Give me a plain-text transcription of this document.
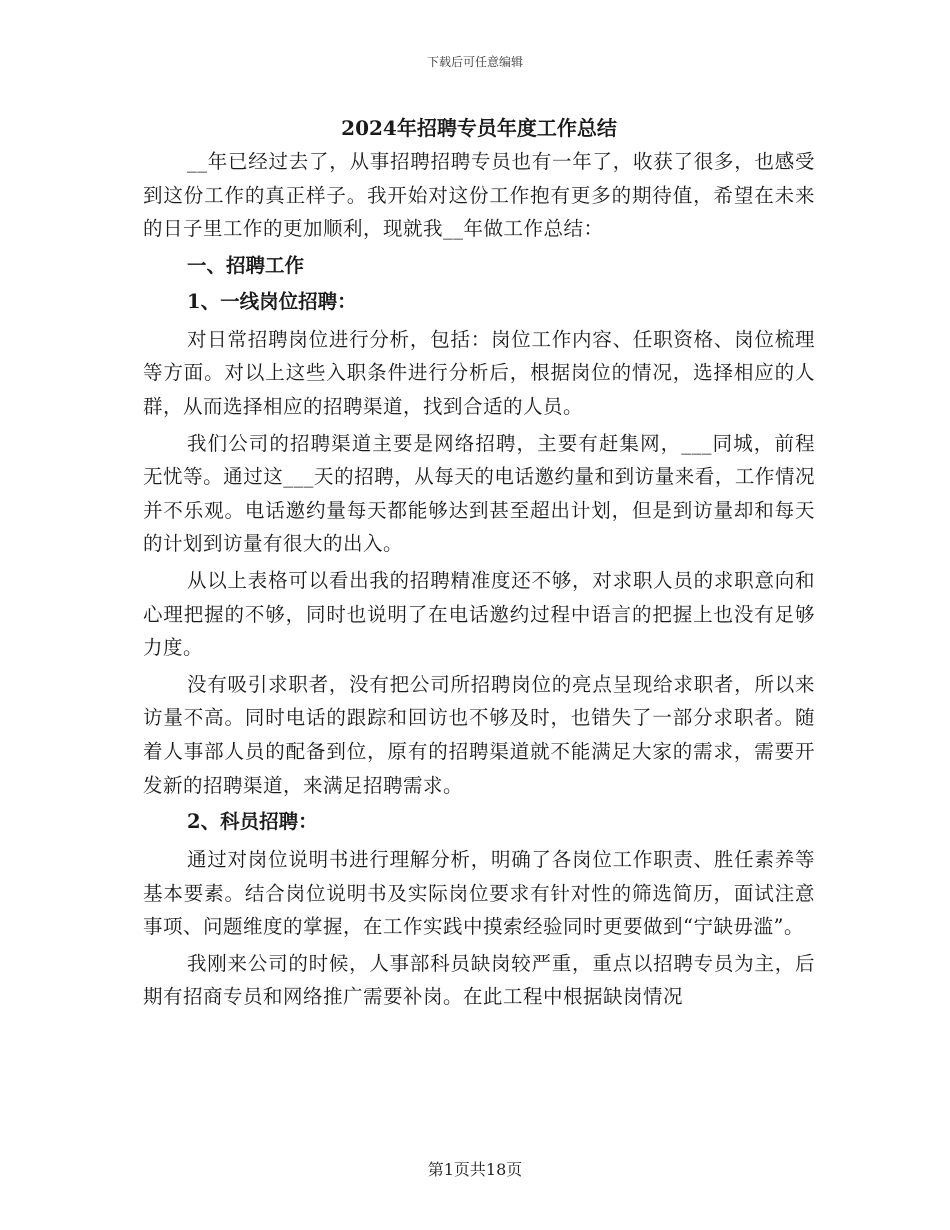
下载后可任意编辑
2024年招聘专员年度工作总结

__年已经过去了，从事招聘招聘专员也有一年了，收获了很多，也感受到这份工作的真正样子。我开始对这份工作抱有更多的期待值，希望在未来的日子里工作的更加顺利，现就我__年做工作总结：

一、招聘工作

1、一线岗位招聘：

对日常招聘岗位进行分析，包括：岗位工作内容、任职资格、岗位梳理等方面。对以上这些入职条件进行分析后，根据岗位的情况，选择相应的人群，从而选择相应的招聘渠道，找到合适的人员。

我们公司的招聘渠道主要是网络招聘，主要有赶集网，___同城，前程无忧等。通过这___天的招聘，从每天的电话邀约量和到访量来看，工作情况并不乐观。电话邀约量每天都能够达到甚至超出计划，但是到访量却和每天的计划到访量有很大的出入。

从以上表格可以看出我的招聘精准度还不够，对求职人员的求职意向和心理把握的不够，同时也说明了在电话邀约过程中语言的把握上也没有足够力度。

没有吸引求职者，没有把公司所招聘岗位的亮点呈现给求职者，所以来访量不高。同时电话的跟踪和回访也不够及时，也错失了一部分求职者。随着人事部人员的配备到位，原有的招聘渠道就不能满足大家的需求，需要开发新的招聘渠道，来满足招聘需求。

2、科员招聘：

通过对岗位说明书进行理解分析，明确了各岗位工作职责、胜任素养等基本要素。结合岗位说明书及实际岗位要求有针对性的筛选简历，面试注意事项、问题维度的掌握，在工作实践中摸索经验同时更要做到“宁缺毋滥”。

我刚来公司的时候，人事部科员缺岗较严重，重点以招聘专员为主，后期有招商专员和网络推广需要补岗。在此工程中根据缺岗情况

第1页共18页
